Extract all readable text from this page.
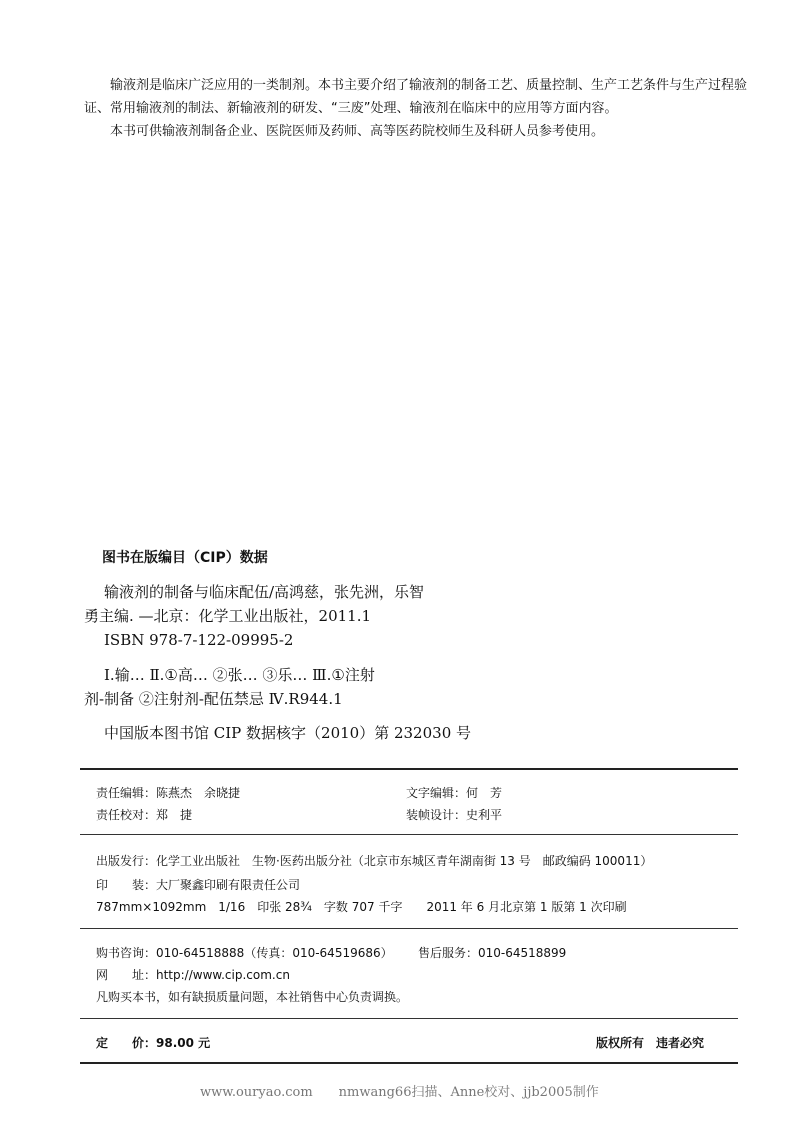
输液剂是临床广泛应用的一类制剂。本书主要介绍了输液剂的制备工艺、质量控制、生产工艺条件与生产过程验证、常用输液剂的制法、新输液剂的研发、“三废”处理、输液剂在临床中的应用等方面内容。

本书可供输液剂制备企业、医院医师及药师、高等医药院校师生及科研人员参考使用。

图书在版编目（CIP）数据
输液剂的制备与临床配伍/高鸿慈，张先洲，乐智
勇主编. —北京：化学工业出版社，2011.1
ISBN 978-7-122-09995-2
Ⅰ.输… Ⅱ.①高… ②张… ③乐… Ⅲ.①注射
剂-制备 ②注射剂-配伍禁忌 Ⅳ.R944.1
中国版本图书馆 CIP 数据核字（2010）第 232030 号
责任编辑：陈燕杰　余晓捷	文字编辑：何　芳
责任校对：郑　捷	装帧设计：史利平
出版发行：化学工业出版社　生物·医药出版分社（北京市东城区青年湖南街 13 号　邮政编码 100011）
印　　装：大厂聚鑫印刷有限责任公司
787mm×1092mm　1/16　印张 28¾　字数 707 千字　　2011 年 6 月北京第 1 版第 1 次印刷
购书咨询：010-64518888（传真：010-64519686） 售后服务：010-64518899
网　　址：http://www.cip.com.cn
凡购买本书，如有缺损质量问题，本社销售中心负责调换。
定　　价：98.00 元	版权所有　违者必究
www.ouryao.com　　nmwang66扫描、Anne校对、jjb2005制作
